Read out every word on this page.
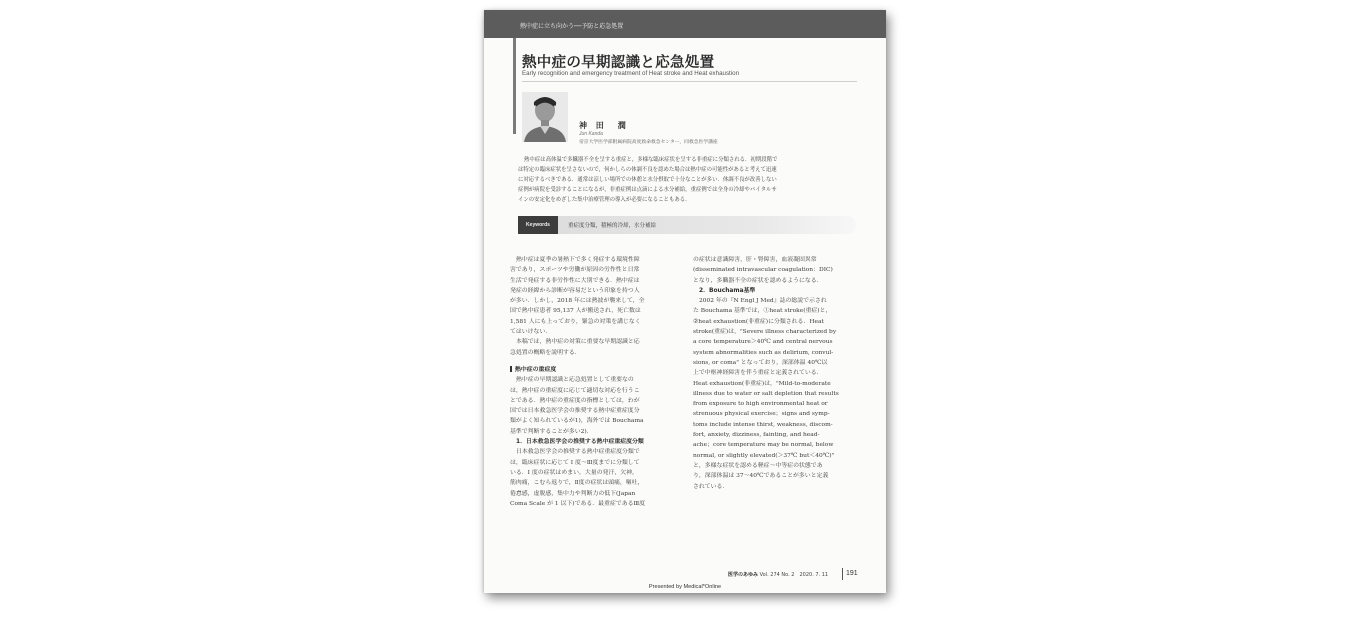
熱中症に立ち向かう──予防と応急処置
熱中症の早期認識と応急処置
Early recognition and emergency treatment of Heat stroke and Heat exhaustion
神 田　潤
Jun Kanda
帝京大学医学部附属病院高度救命救急センター，同救急医学講座
熱中症は高体温で多臓器不全を呈する重症と，多様な臨床症状を呈する非重症に分類される．初期段階で
は特定の臨床症状を呈さないので，何かしらの体調不良を認めた場合は熱中症の可能性があると考えて迅速
に対応するべきである．通常は涼しい場所での休憩と水分摂取で十分なことが多い．体調不良が改善しない
症例が病院を受診することになるが，非重症例は点滴による水分補給，重症例では全身の冷却やバイタルサ
インの安定化をめざした集中治療管理の導入が必要になることもある．
Keywords	重症度分類，積極的冷却，水分補給
熱中症は夏季の暑熱下で多く発症する環境性障
害であり，スポーツや労働が原因の労作性と日常
生活で発症する非労作性に大別できる．熱中症は
発症の経緯から診断が容易だという印象を持つ人
が多い．しかし，2018 年には熱波が襲来して，全
国で熱中症患者 95,137 人が搬送され，死亡数は
1,581 人にも上っており，緊急の対策を講じなく
てはいけない．
本稿では，熱中症の対策に重要な早期認識と応
急処置の概略を説明する．
熱中症の重症度
熱中症の早期認識と応急処置として重要なの
は，熱中症の重症度に応じて適切な対応を行うこ
とである．熱中症の重症度の指標としては，わが
国では日本救急医学会の推奨する熱中症重症度分
類がよく知られているが1)，海外では Bouchama
基準で判断することが多い2)．
1．日本救急医学会の推奨する熱中症重症度分類
日本救急医学会の推奨する熱中症重症度分類で
は，臨床症状に応じて I 度～Ⅲ度までに分類して
いる．I 度の症状はめまい，大量の発汗，欠神，
筋肉痛，こむら返りで，Ⅱ度の症状は頭痛，嘔吐，
倦怠感，虚脱感，集中力や判断力の低下(Japan
Coma Scale が 1 以下)である．最重症であるⅢ度
の症状は意識障害，肝・腎障害，血液凝固異常
(disseminated intravascular coagulation：DIC)
となり，多臓器不全の症状を認めるようになる．
2．Bouchama基準
2002 年の『N Engl J Med』誌の総説で示され
た Bouchama 基準では，①heat stroke(重症)と，
②heat exhaustion(非重症)に分類される．Heat
stroke(重症)は，"Severe illness characterized by
a core temperature＞40℃ and central nervous
system abnormalities such as delirium, convul-
sions, or coma" となっており，深部体温 40℃以
上で中枢神経障害を伴う重症と定義されている．
Heat exhaustion(非重症)は，"Mild-to-moderate
illness due to water or salt depletion that results
from exposure to high environmental heat or
strenuous physical exercise；signs and symp-
toms include intense thirst, weakness, discom-
fort, anxiety, dizziness, fainting, and head-
ache；core temperature may be normal, below
normal, or slightly elevated(＞37℃ but＜40℃)"
と，多様な症状を認める軽症～中等症の状態であ
り，深部体温は 37～40℃であることが多いと定義
されている．
医学のあゆみ Vol. 274 No. 2　2020. 7. 11	191
Presented by Medical*Online
